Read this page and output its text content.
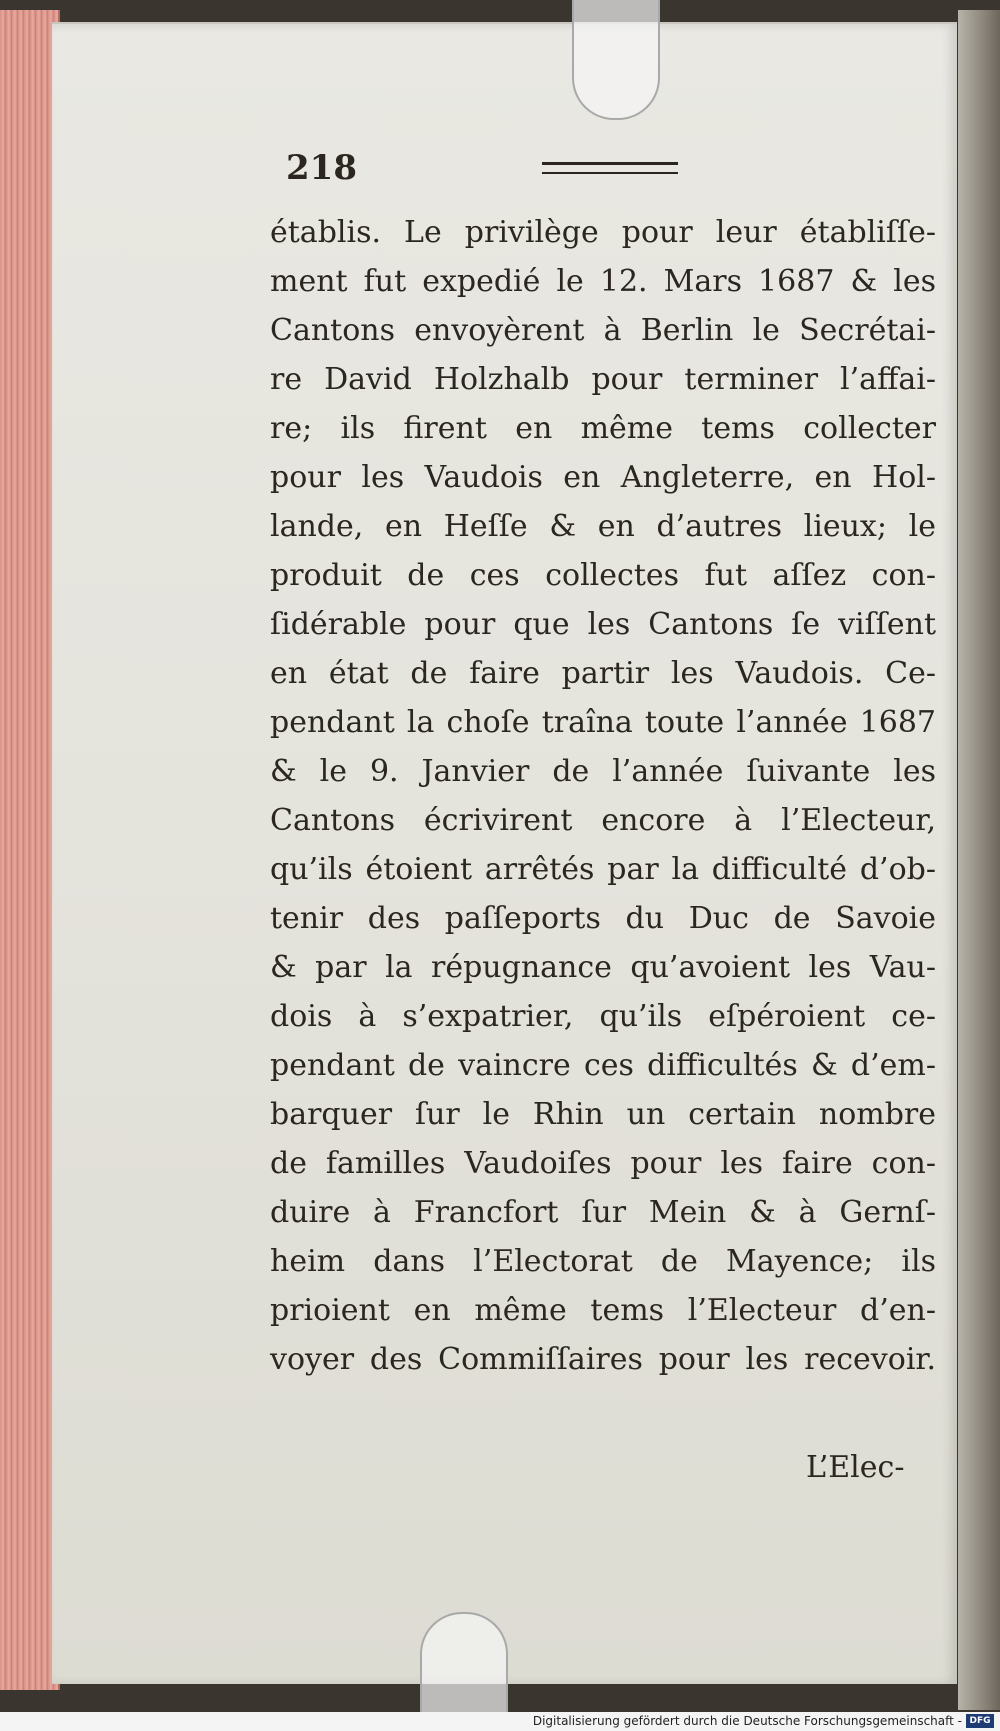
218
établis. Le privilège pour leur établiſſe-
ment fut expedié le 12. Mars 1687 & les
Cantons envoyèrent à Berlin le Secrétai-
re David Holzhalb pour terminer l’affai-
re; ils firent en même tems collecter
pour les Vaudois en Angleterre, en Hol-
lande, en Heſſe & en d’autres lieux; le
produit de ces collectes fut aſſez con-
ſidérable pour que les Cantons ſe viſſent
en état de faire partir les Vaudois. Ce-
pendant la choſe traîna toute l’année 1687
& le 9. Janvier de l’année ſuivante les
Cantons écrivirent encore à l’Electeur,
qu’ils étoient arrêtés par la difficulté d’ob-
tenir des paſſeports du Duc de Savoie
& par la répugnance qu’avoient les Vau-
dois à s’expatrier, qu’ils eſpéroient ce-
pendant de vaincre ces difficultés & d’em-
barquer ſur le Rhin un certain nombre
de familles Vaudoiſes pour les faire con-
duire à Francfort ſur Mein & à Gernſ-
heim dans l’Electorat de Mayence; ils
prioient en même tems l’Electeur d’en-
voyer des Commiſſaires pour les recevoir.
L’Elec-
Digitalisierung gefördert durch die Deutsche Forschungsgemeinschaft - DFG
